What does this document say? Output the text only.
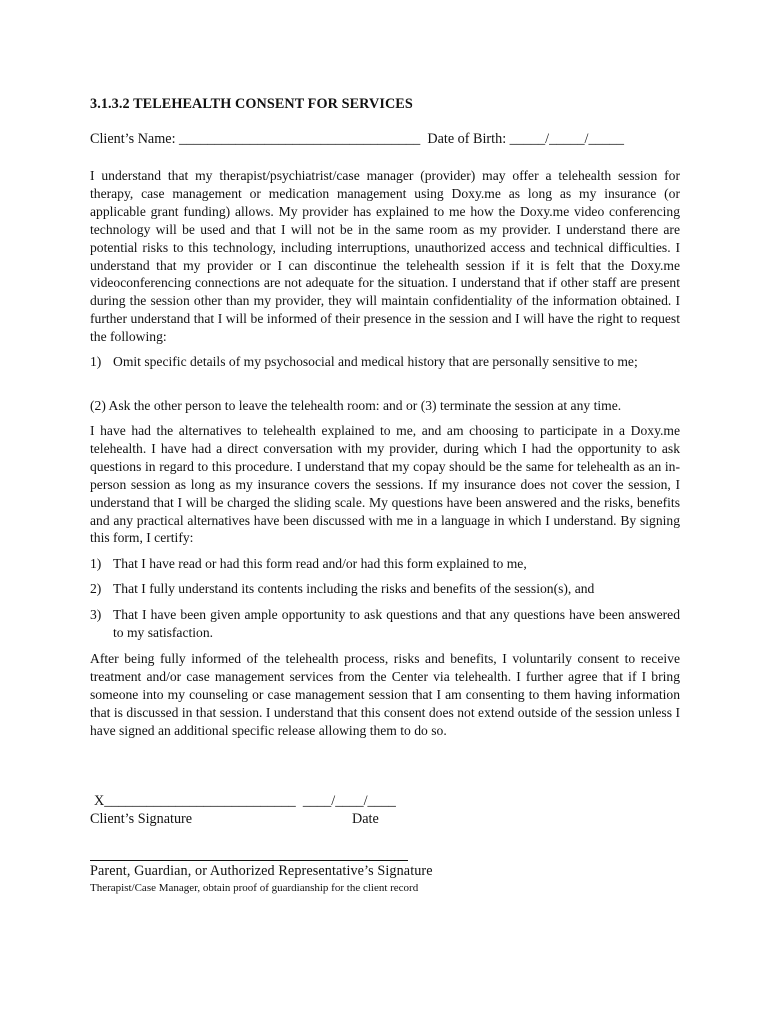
3.1.3.2 TELEHEALTH CONSENT FOR SERVICES
Client’s Name: __________________________________  Date of Birth: _____/_____/_____
I understand that my therapist/psychiatrist/case manager (provider) may offer a telehealth session for therapy, case management or medication management using Doxy.me as long as my insurance (or applicable grant funding) allows. My provider has explained to me how the Doxy.me video conferencing technology will be used and that I will not be in the same room as my provider. I understand there are potential risks to this technology, including interruptions, unauthorized access and technical difficulties. I understand that my provider or I can discontinue the telehealth session if it is felt that the Doxy.me videoconferencing connections are not adequate for the situation. I understand that if other staff are present during the session other than my provider, they will maintain confidentiality of the information obtained. I further understand that I will be informed of their presence in the session and I will have the right to request the following:
1) Omit specific details of my psychosocial and medical history that are personally sensitive to me;
(2) Ask the other person to leave the telehealth room: and or (3) terminate the session at any time.
I have had the alternatives to telehealth explained to me, and am choosing to participate in a Doxy.me telehealth. I have had a direct conversation with my provider, during which I had the opportunity to ask questions in regard to this procedure. I understand that my copay should be the same for telehealth as an in-person session as long as my insurance covers the sessions. If my insurance does not cover the session, I understand that I will be charged the sliding scale. My questions have been answered and the risks, benefits and any practical alternatives have been discussed with me in a language in which I understand. By signing this form, I certify:
1) That I have read or had this form read and/or had this form explained to me,
2) That I fully understand its contents including the risks and benefits of the session(s), and
3) That I have been given ample opportunity to ask questions and that any questions have been answered to my satisfaction.
After being fully informed of the telehealth process, risks and benefits, I voluntarily consent to receive treatment and/or case management services from the Center via telehealth. I further agree that if I bring someone into my counseling or case management session that I am consenting to them having information that is discussed in that session. I understand that this consent does not extend outside of the session unless I have signed an additional specific release allowing them to do so.
X___________________________  ____/____/____
Client’s Signature	Date
Parent, Guardian, or Authorized Representative’s Signature
Therapist/Case Manager, obtain proof of guardianship for the client record
